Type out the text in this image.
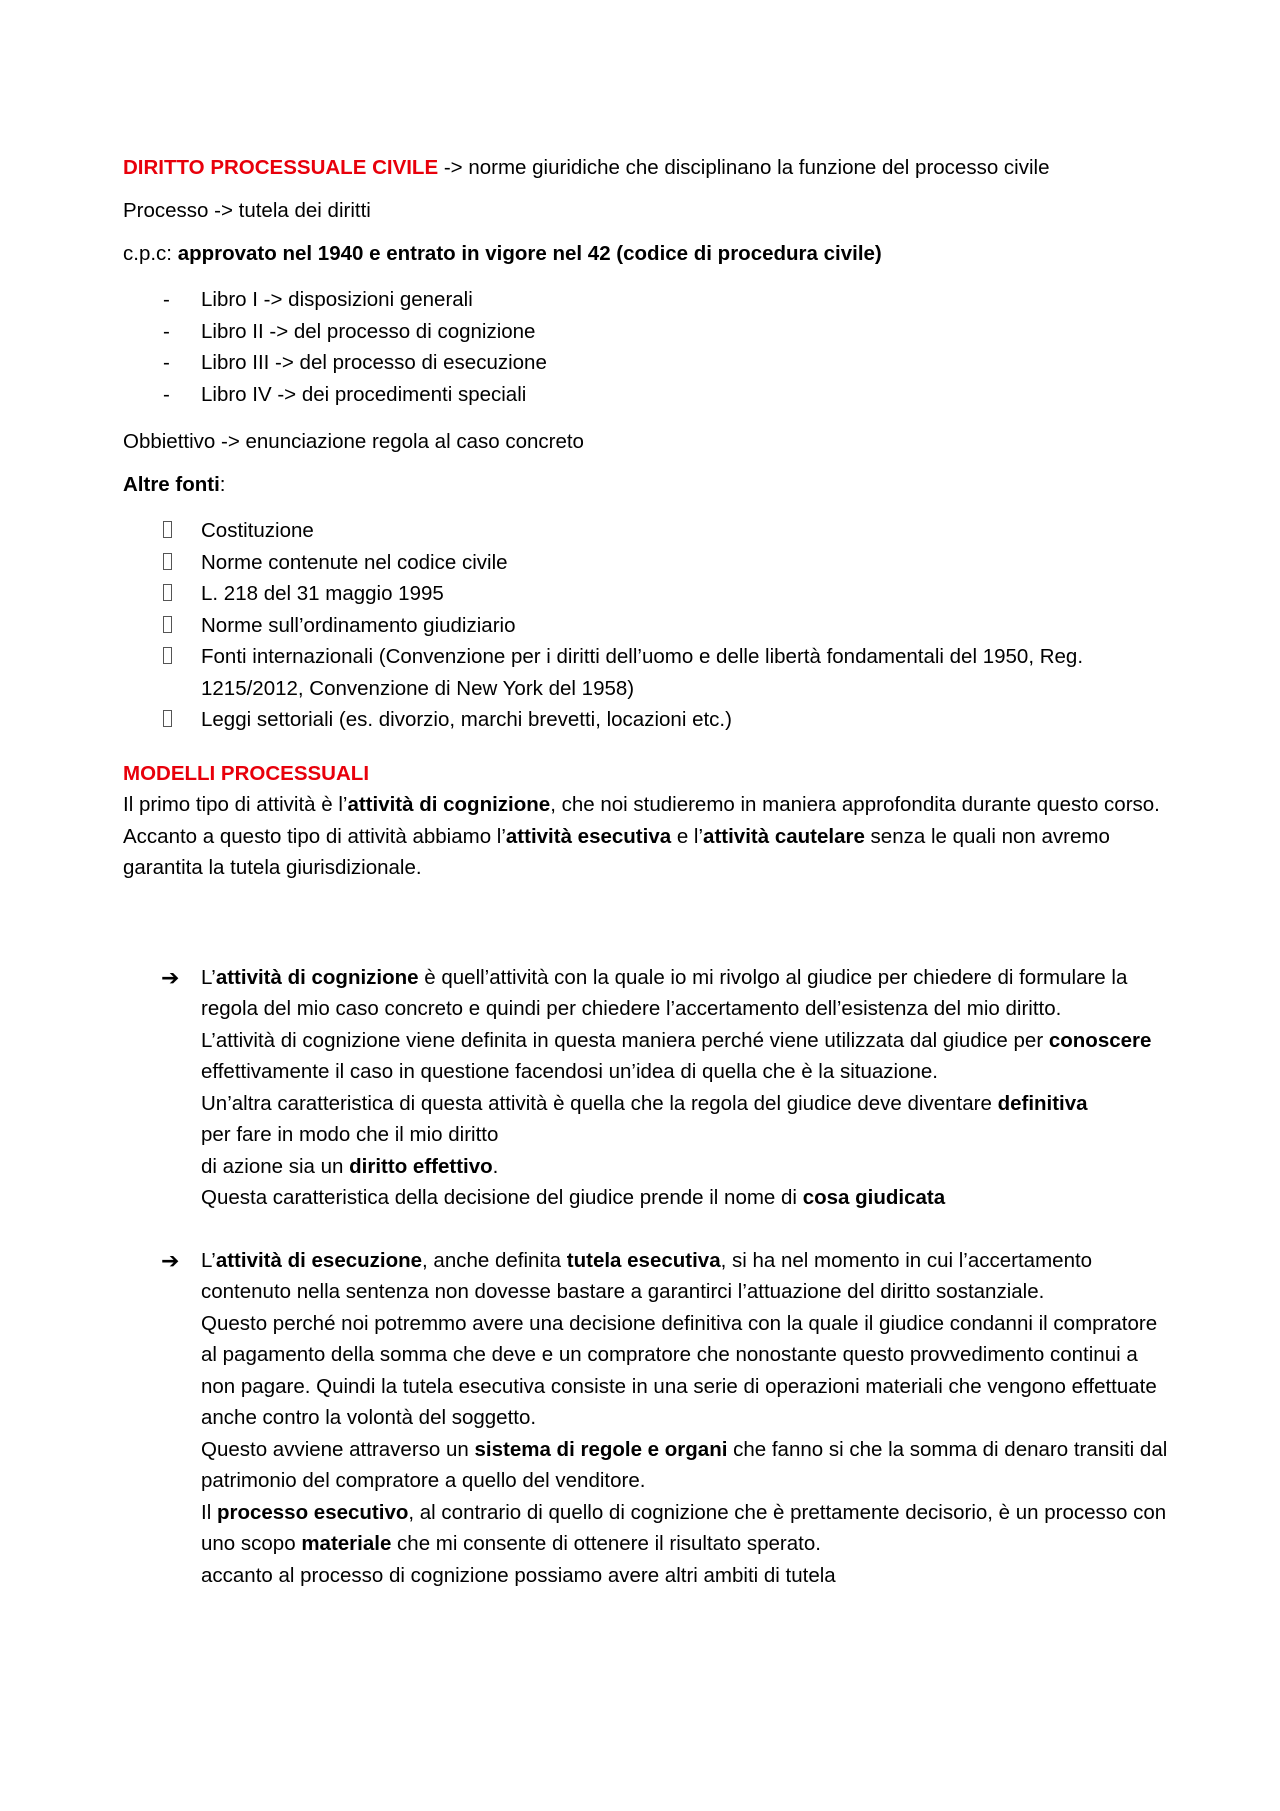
DIRITTO PROCESSUALE CIVILE -> norme giuridiche che disciplinano la funzione del processo civile

Processo -> tutela dei diritti

c.p.c: approvato nel 1940 e entrato in vigore nel 42 (codice di procedura civile)

-	Libro I -> disposizioni generali
-	Libro II -> del processo di cognizione
-	Libro III -> del processo di esecuzione
-	Libro IV -> dei procedimenti speciali

Obbiettivo -> enunciazione regola al caso concreto

Altre fonti:

Costituzione
Norme contenute nel codice civile
L. 218 del 31 maggio 1995
Norme sull’ordinamento giudiziario
Fonti internazionali (Convenzione per i diritti dell’uomo e delle libertà fondamentali del 1950, Reg. 1215/2012, Convenzione di New York del 1958)
Leggi settoriali (es. divorzio, marchi brevetti, locazioni etc.)

MODELLI PROCESSUALI

Il primo tipo di attività è l’attività di cognizione, che noi studieremo in maniera approfondita durante questo corso. Accanto a questo tipo di attività abbiamo l’attività esecutiva e l’attività cautelare senza le quali non avremo garantita la tutela giurisdizionale.

➔ L’attività di cognizione è quell’attività con la quale io mi rivolgo al giudice per chiedere di formulare la regola del mio caso concreto e quindi per chiedere l’accertamento dell’esistenza del mio diritto.
L’attività di cognizione viene definita in questa maniera perché viene utilizzata dal giudice per conoscere effettivamente il caso in questione facendosi un’idea di quella che è la situazione.
Un’altra caratteristica di questa attività è quella che la regola del giudice deve diventare definitiva
per fare in modo che il mio diritto
di azione sia un diritto effettivo.
Questa caratteristica della decisione del giudice prende il nome di cosa giudicata
➔ L’attività di esecuzione, anche definita tutela esecutiva, si ha nel momento in cui l’accertamento contenuto nella sentenza non dovesse bastare a garantirci l’attuazione del diritto sostanziale.
Questo perché noi potremmo avere una decisione definitiva con la quale il giudice condanni il compratore al pagamento della somma che deve e un compratore che nonostante questo provvedimento continui a non pagare. Quindi la tutela esecutiva consiste in una serie di operazioni materiali che vengono effettuate anche contro la volontà del soggetto.
Questo avviene attraverso un sistema di regole e organi che fanno si che la somma di denaro transiti dal patrimonio del compratore a quello del venditore.
Il processo esecutivo, al contrario di quello di cognizione che è prettamente decisorio, è un processo con uno scopo materiale che mi consente di ottenere il risultato sperato.
accanto al processo di cognizione possiamo avere altri ambiti di tutela
